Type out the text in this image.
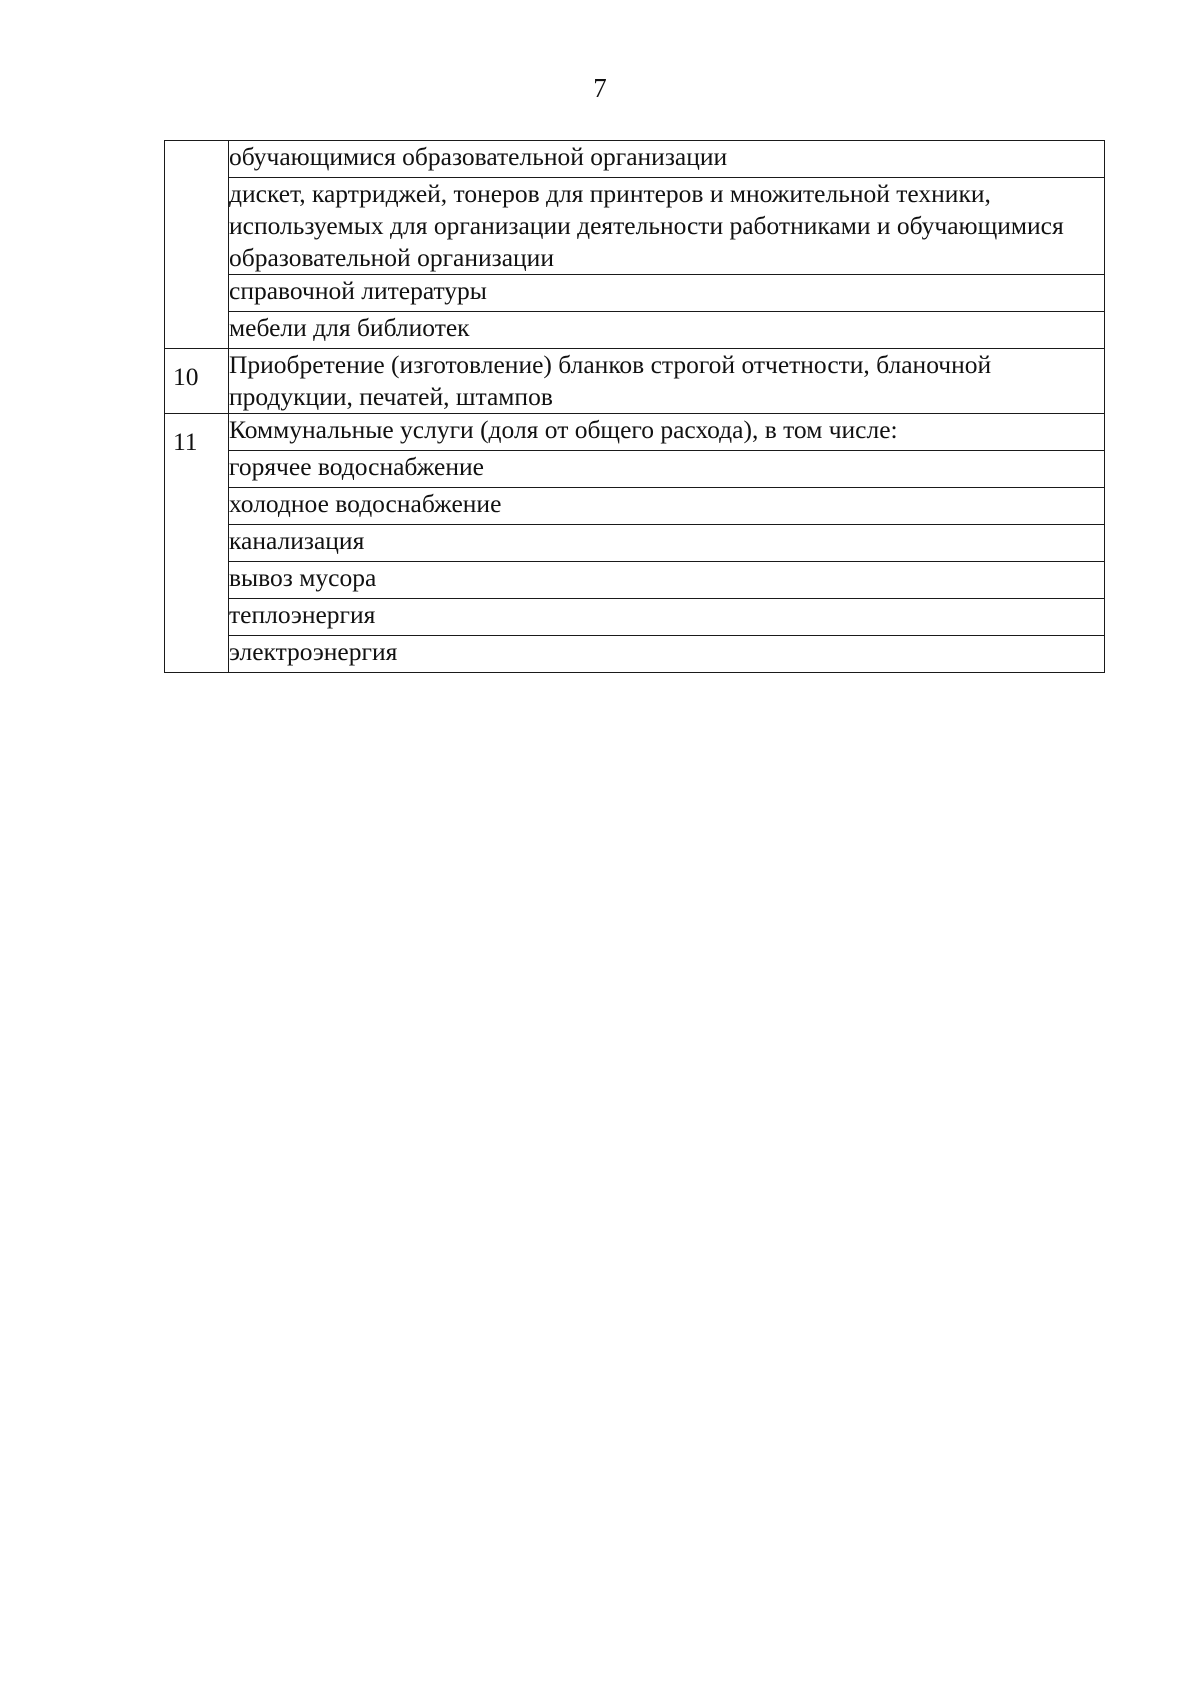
7
	обучающимися образовательной организации
	дискет, картриджей, тонеров для принтеров и множительной техники, используемых для организации деятельности работниками и обучающимися образовательной организации
	справочной литературы
	мебели для библиотек

10	Приобретение (изготовление) бланков строгой отчетности, бланочной продукции, печатей, штампов

11	Коммунальные услуги (доля от общего расхода), в том числе:
	горячее водоснабжение
	холодное водоснабжение
	канализация
	вывоз мусора
	теплоэнергия
	электроэнергия
